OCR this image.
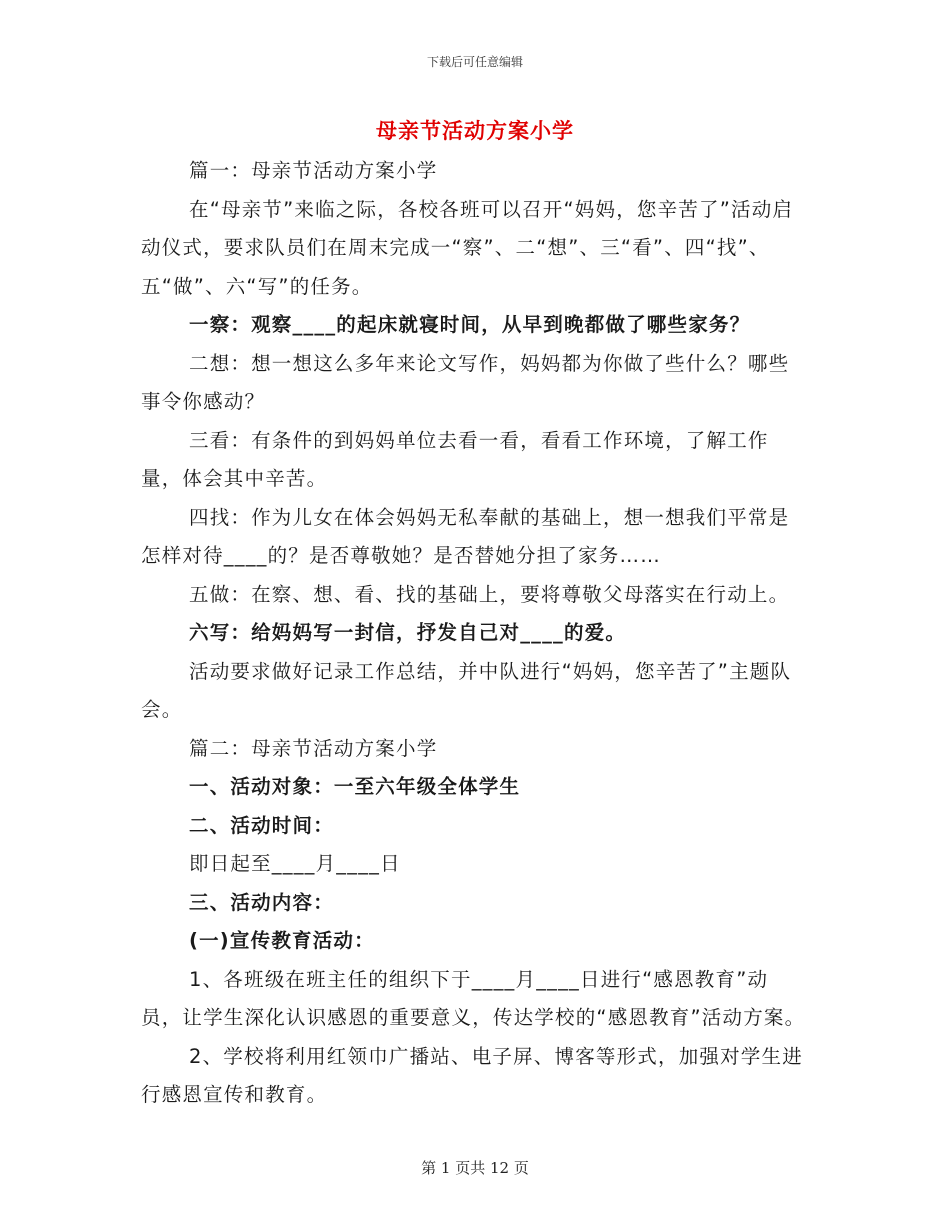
下载后可任意编辑
母亲节活动方案小学

篇一：母亲节活动方案小学

在“母亲节”来临之际，各校各班可以召开“妈妈，您辛苦了”活动启动仪式，要求队员们在周末完成一“察”、二“想”、三“看”、四“找”、五“做”、六“写”的任务。

一察：观察____的起床就寝时间，从早到晚都做了哪些家务？

二想：想一想这么多年来论文写作，妈妈都为你做了些什么？哪些事令你感动？

三看：有条件的到妈妈单位去看一看，看看工作环境，了解工作量，体会其中辛苦。

四找：作为儿女在体会妈妈无私奉献的基础上，想一想我们平常是怎样对待____的？是否尊敬她？是否替她分担了家务……

五做：在察、想、看、找的基础上，要将尊敬父母落实在行动上。

六写：给妈妈写一封信，抒发自己对____的爱。

活动要求做好记录工作总结，并中队进行“妈妈，您辛苦了”主题队会。

篇二：母亲节活动方案小学

一、活动对象：一至六年级全体学生

二、活动时间：

即日起至____月____日

三、活动内容：

(一)宣传教育活动：

1、各班级在班主任的组织下于____月____日进行“感恩教育”动员，让学生深化认识感恩的重要意义，传达学校的“感恩教育”活动方案。

2、学校将利用红领巾广播站、电子屏、博客等形式，加强对学生进行感恩宣传和教育。

第 1 页共 12 页
